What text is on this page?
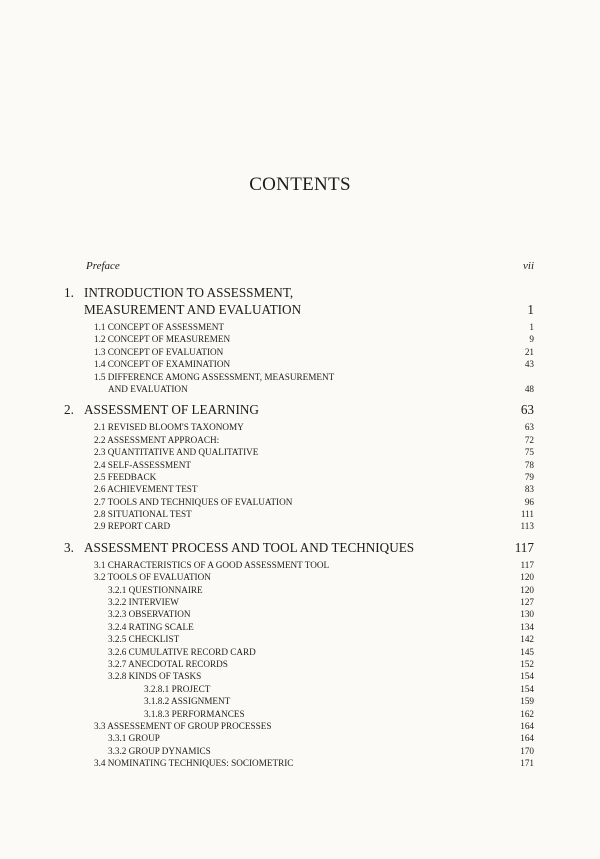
CONTENTS
Preface	vii
1. INTRODUCTION TO ASSESSMENT,
MEASUREMENT AND EVALUATION	1
1.1 CONCEPT OF ASSESSMENT	1
1.2 CONCEPT OF MEASUREMEN	9
1.3 CONCEPT OF EVALUATION	21
1.4 CONCEPT OF EXAMINATION	43
1.5 DIFFERENCE AMONG ASSESSMENT, MEASUREMENT
AND EVALUATION	48
2. ASSESSMENT OF LEARNING	63
2.1 REVISED BLOOM'S TAXONOMY	63
2.2 ASSESSMENT APPROACH:	72
2.3 QUANTITATIVE AND QUALITATIVE	75
2.4 SELF-ASSESSMENT	78
2.5 FEEDBACK	79
2.6 ACHIEVEMENT TEST	83
2.7 TOOLS AND TECHNIQUES OF EVALUATION	96
2.8 SITUATIONAL TEST	111
2.9 REPORT CARD	113
3. ASSESSMENT PROCESS AND TOOL AND TECHNIQUES	117
3.1 CHARACTERISTICS OF A GOOD ASSESSMENT TOOL	117
3.2 TOOLS OF EVALUATION	120
3.2.1 QUESTIONNAIRE	120
3.2.2 INTERVIEW	127
3.2.3 OBSERVATION	130
3.2.4 RATING SCALE	134
3.2.5 CHECKLIST	142
3.2.6 CUMULATIVE RECORD CARD	145
3.2.7 ANECDOTAL RECORDS	152
3.2.8 KINDS OF TASKS	154
3.2.8.1 PROJECT	154
3.1.8.2 ASSIGNMENT	159
3.1.8.3 PERFORMANCES	162
3.3 ASSESSEMENT OF GROUP PROCESSES	164
3.3.1 GROUP	164
3.3.2 GROUP DYNAMICS	170
3.4 NOMINATING TECHNIQUES: SOCIOMETRIC	171
